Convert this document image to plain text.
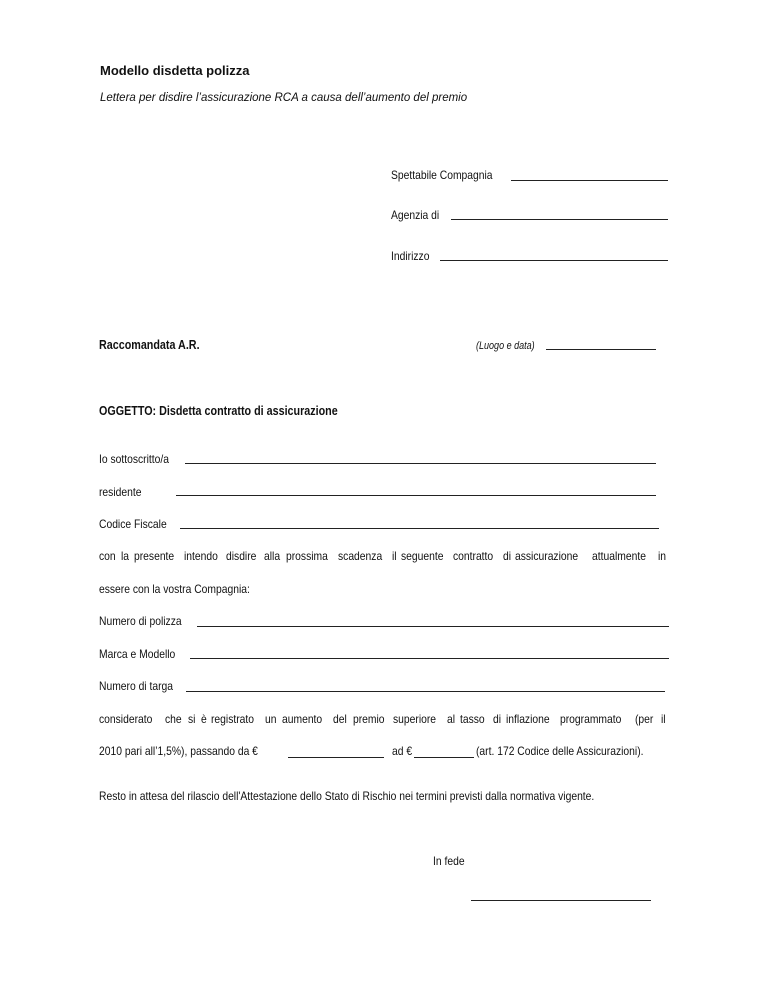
Modello disdetta polizza
Lettera per disdire l’assicurazione RCA a causa dell’aumento del premio
Spettabile Compagnia
Agenzia di
Indirizzo
Raccomandata A.R.	(Luogo e data)
OGGETTO: Disdetta contratto di assicurazione
Io sottoscritto/a
residente
Codice Fiscale
con la presente intendo disdire alla prossima scadenza il seguente contratto di assicurazione attualmente in
essere con la vostra Compagnia:
Numero di polizza
Marca e Modello
Numero di targa
considerato che si è registrato un aumento del premio superiore al tasso di inflazione programmato (per il
2010 pari all’1,5%), passando da €	ad €	(art. 172 Codice delle Assicurazioni).
Resto in attesa del rilascio dell'Attestazione dello Stato di Rischio nei termini previsti dalla normativa vigente.
In fede
